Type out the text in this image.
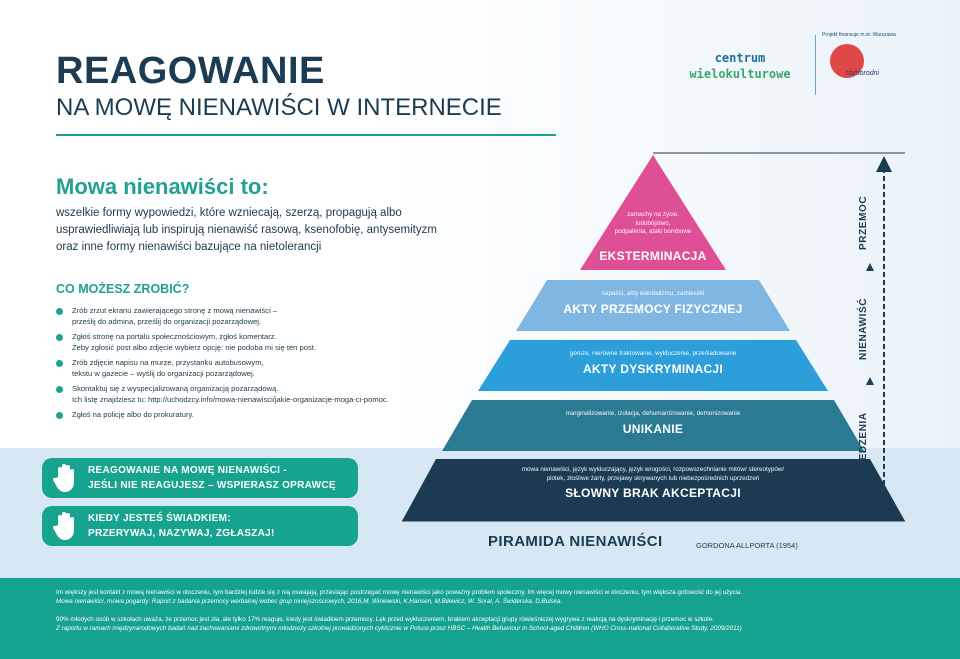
REAGOWANIE
NA MOWĘ NIENAWIŚCI W INTERNECIE
centrum
wielokulturowe
Projekt finansuje m.st. Warszawa
różnorodni
Mowa nienawiści to:
wszelkie formy wypowiedzi, które wzniecają, szerzą, propagują albo usprawiedliwiają lub inspirują nienawiść rasową, ksenofobię, antysemityzm oraz inne formy nienawiści bazujące na nietolerancji
CO MOŻESZ ZROBIĆ?
Zrób zrzut ekranu zawierającego stronę z mową nienawiści –
prześlij do admina, prześlij do organizacji pozarządowej.
Zgłoś stronę na portalu społecznościowym, zgłoś komentarz.
Żeby zgłosić post albo zdjęcie wybierz opcję: nie podoba mi się ten post.
Zrób zdjęcie napisu na murze, przystanku autobusowym,
tekstu w gazecie – wyślij do organizacji pozarządowej.
Skontaktuj się z wyspecjalizowaną organizacją pozarządową.
Ich listę znajdziesz tu: http://uchodzcy.info/mowa-nienawisci/jakie-organizacje-moga-ci-pomoc.
Zgłoś na policję albo do prokuratury.
REAGOWANIE NA MOWĘ NIENAWIŚCI -
JEŚLI NIE REAGUJESZ – WSPIERASZ OPRAWCĘ
KIEDY JESTEŚ ŚWIADKIEM:
PRZERYWAJ, NAZYWAJ, ZGŁASZAJ!
zamachy na życie,
ludobójstwo,
podpalenia, ataki bombowe
EKSTERMINACJA
napaści, akty wandalizmu, zamieszki
AKTY PRZEMOCY FIZYCZNEJ
gorsze, nierówne traktowanie, wykluczenie, prześladowanie
AKTY DYSKRYMINACJI
marginalizowanie, izolacja, dehumanizowanie, demonizowanie
UNIKANIE
mowa nienawiści, język wykluczający, język wrogości, rozpowszechnianie mitów/ stereotypów/
plotek, złośliwe żarty, przejawy skrywanych lub niebezpośrednich uprzedzeń
SŁOWNY BRAK AKCEPTACJI
UPRZEDZENIA
NIENAWIŚĆ
PRZEMOC
PIRAMIDA NIENAWIŚCI	GORDONA ALLPORTA (1954)
Im większy jest kontakt z mową nienawiści w otoczeniu, tym bardziej ludzie się z nią oswajają, przestając postrzegać mowę nienawiści jako poważny problem społeczny. Im więcej mowy nienawiści w otoczeniu, tym większa gotowość do jej użycia.
Mowa nienawiści, mowa pogardy: Raport z badania przemocy werbalnej wobec grup mniejszościowych, 2016,M. Winiewski, K.Hansen, M.Bilewicz, W. Soral, A. Świderska, D.Bulska.
90% młodych osób w szkołach uważa, że przemoc jest zła, ale tylko 17% reaguje, kiedy jest świadkiem przemocy. Lęk przed wykluczeniem, brakiem akceptacji grupy rówieśniczej wygrywa z reakcją na dyskryminację i przemoc w szkole.
Z raportu w ramach międzynarodowych badań nad zachowaniami zdrowotnymi młodzieży szkolnej prowadzonych cyklicznie w Polsce przez HBSC – Health Behaviour in School-aged Children (WHO Cross-national Collaborative Study, 2009/2011)
